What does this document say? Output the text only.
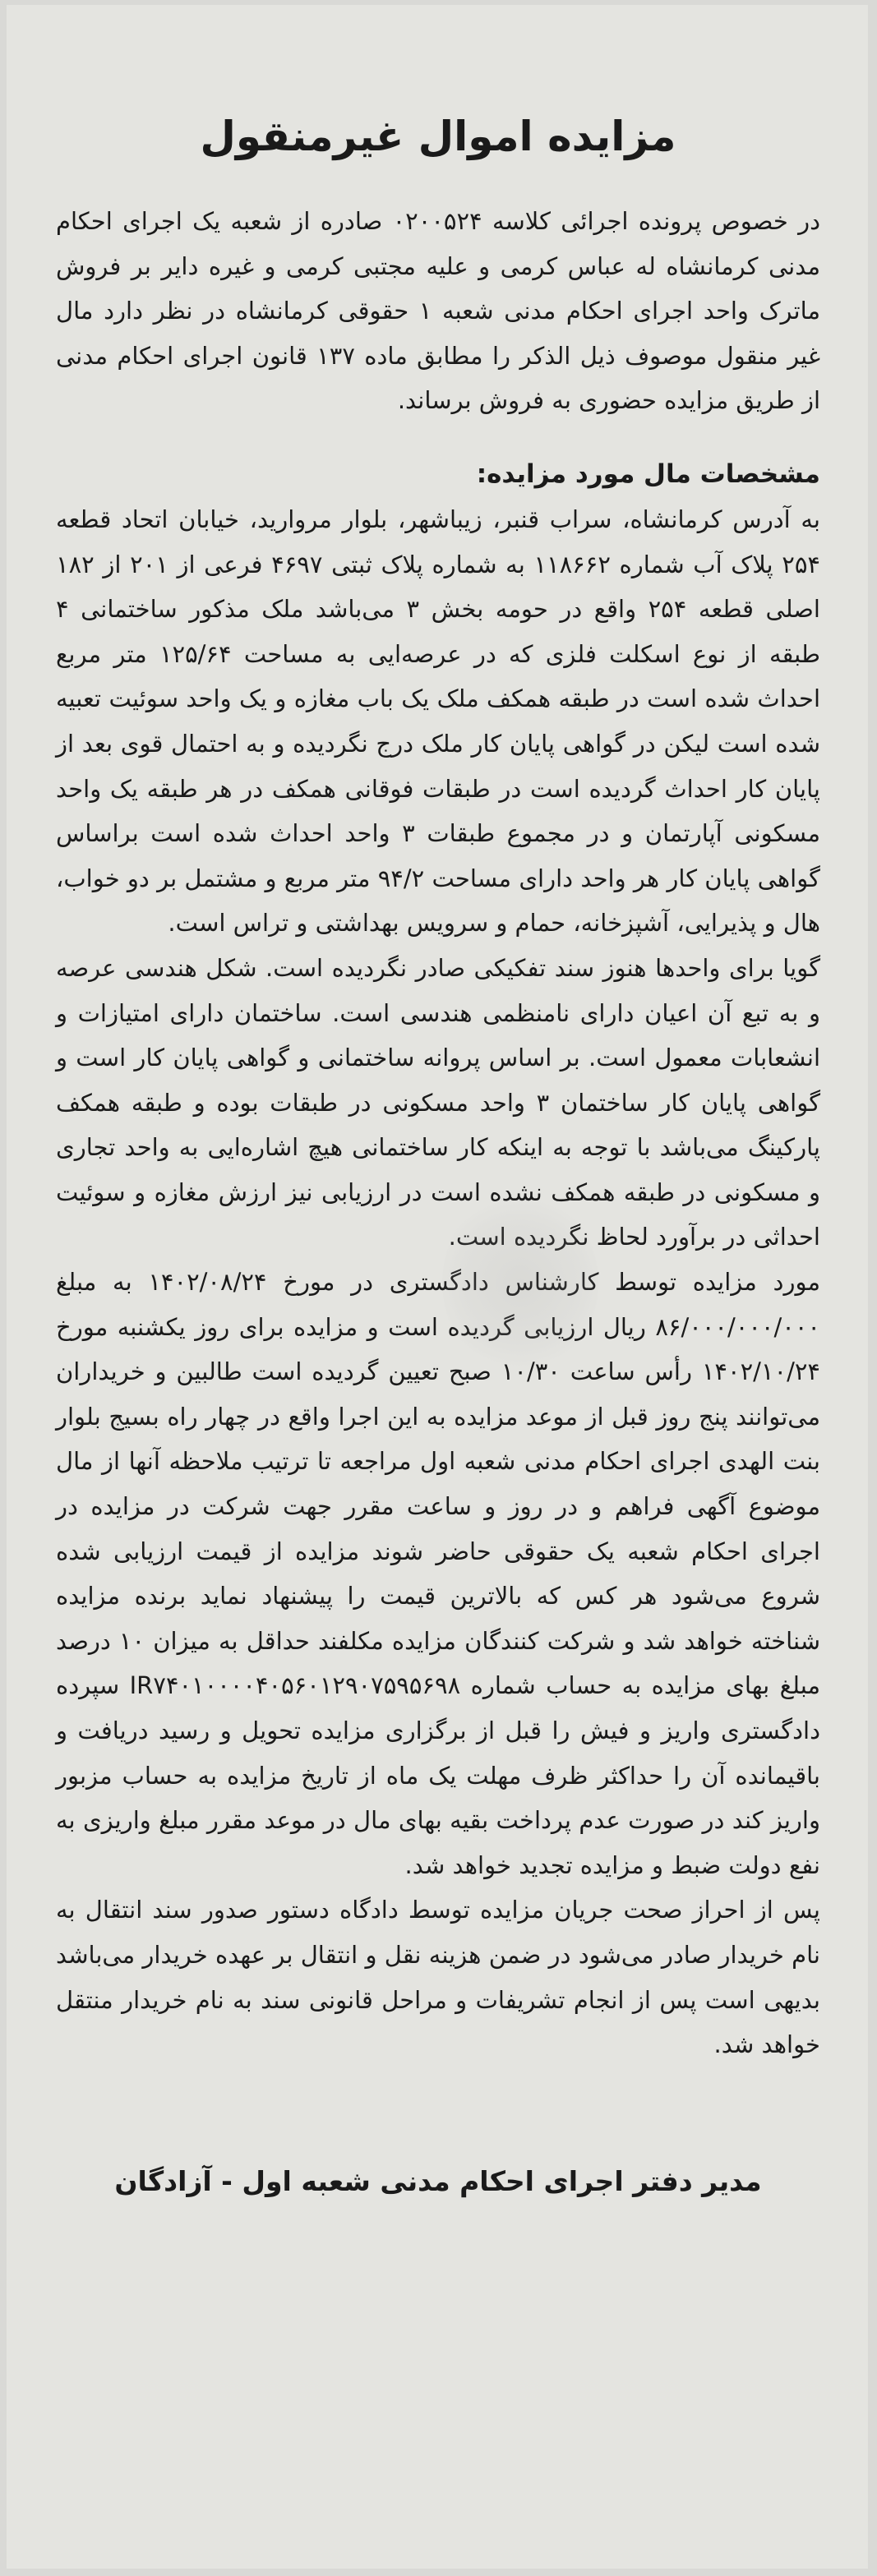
مزایده اموال غیرمنقول

در خصوص پرونده اجرائی کلاسه ۰۲۰۰۵۲۴ صادره از شعبه یک اجرای احکام مدنی کرمانشاه له عباس کرمی و علیه مجتبی کرمی و غیره دایر بر فروش ماترک واحد اجرای احکام مدنی شعبه ۱ حقوقی کرمانشاه در نظر دارد مال غیر منقول موصوف ذیل الذکر را مطابق ماده ۱۳۷ قانون اجرای احکام مدنی از طریق مزایده حضوری به فروش برساند.

مشخصات مال مورد مزایده:

به آدرس کرمانشاه، سراب قنبر، زیباشهر، بلوار مروارید، خیابان اتحاد قطعه ۲۵۴ پلاک آب شماره ۱۱۸۶۶۲ به شماره پلاک ثبتی ۴۶۹۷ فرعی از ۲۰۱ از ۱۸۲ اصلی قطعه ۲۵۴ واقع در حومه بخش ۳ می‌باشد ملک مذکور ساختمانی ۴ طبقه از نوع اسکلت فلزی که در عرصه‌ایی به مساحت ۱۲۵/۶۴ متر مربع احداث شده است در طبقه همکف ملک یک باب مغازه و یک واحد سوئیت تعبیه شده است لیکن در گواهی پایان کار ملک درج نگردیده و به احتمال قوی بعد از پایان کار احداث گردیده است در طبقات فوقانی همکف در هر طبقه یک واحد مسکونی آپارتمان و در مجموع طبقات ۳ واحد احداث شده است براساس گواهی پایان کار هر واحد دارای مساحت ۹۴/۲ متر مربع و مشتمل بر دو خواب، هال و پذیرایی، آشپزخانه، حمام و سرویس بهداشتی و تراس است.

گویا برای واحدها هنوز سند تفکیکی صادر نگردیده است. شکل هندسی عرصه و به تبع آن اعیان دارای نامنظمی هندسی است. ساختمان دارای امتیازات و انشعابات معمول است. بر اساس پروانه ساختمانی و گواهی پایان کار است و گواهی پایان کار ساختمان ۳ واحد مسکونی در طبقات بوده و طبقه همکف پارکینگ می‌باشد با توجه به اینکه کار ساختمانی هیچ اشاره‌ایی به واحد تجاری و مسکونی در طبقه همکف نشده است در ارزیابی نیز ارزش مغازه و سوئیت احداثی در برآورد لحاظ نگردیده است.

مورد مزایده توسط کارشناس دادگستری در مورخ ۱۴۰۲/۰۸/۲۴ به مبلغ ۸۶/۰۰۰/۰۰۰/۰۰۰ ریال ارزیابی گردیده است و مزایده برای روز یکشنبه مورخ ۱۴۰۲/۱۰/۲۴ رأس ساعت ۱۰/۳۰ صبح تعیین گردیده است طالبین و خریداران می‌توانند پنج روز قبل از موعد مزایده به این اجرا واقع در چهار راه بسیج بلوار بنت الهدی اجرای احکام مدنی شعبه اول مراجعه تا ترتیب ملاحظه آنها از مال موضوع آگهی فراهم و در روز و ساعت مقرر جهت شرکت در مزایده در اجرای احکام شعبه یک حقوقی حاضر شوند مزایده از قیمت ارزیابی شده شروع می‌شود هر کس که بالاترین قیمت را پیشنهاد نماید برنده مزایده شناخته خواهد شد و شرکت کنندگان مزایده مکلفند حداقل به میزان ۱۰ درصد مبلغ بهای مزایده به حساب شماره IR۷۴۰۱۰۰۰۰۴۰۵۶۰۱۲۹۰۷۵۹۵۶۹۸ سپرده دادگستری واریز و فیش را قبل از برگزاری مزایده تحویل و رسید دریافت و باقیمانده آن را حداکثر ظرف مهلت یک ماه از تاریخ مزایده به حساب مزبور واریز کند در صورت عدم پرداخت بقیه بهای مال در موعد مقرر مبلغ واریزی به نفع دولت ضبط و مزایده تجدید خواهد شد.

پس از احراز صحت جریان مزایده توسط دادگاه دستور صدور سند انتقال به نام خریدار صادر می‌شود در ضمن هزینه نقل و انتقال بر عهده خریدار می‌باشد بدیهی است پس از انجام تشریفات و مراحل قانونی سند به نام خریدار منتقل خواهد شد.

مدیر دفتر اجرای احکام مدنی شعبه اول - آزادگان
